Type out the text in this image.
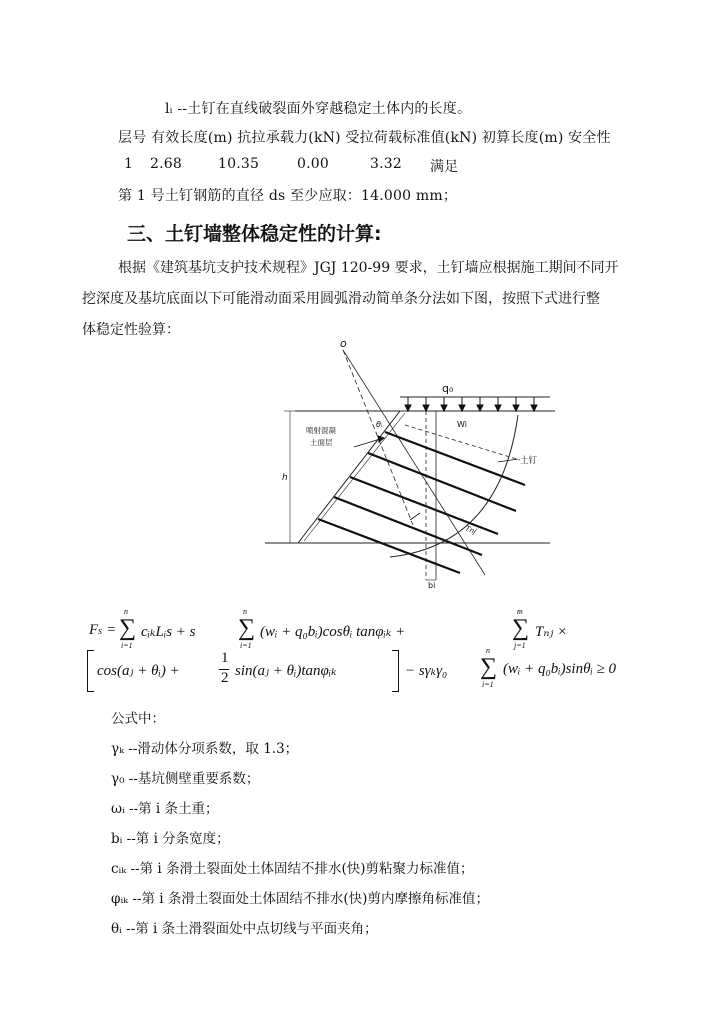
lᵢ --土钉在直线破裂面外穿越稳定土体内的长度。
层号 有效长度(m) 抗拉承载力(kN) 受拉荷载标准值(kN) 初算长度(m) 安全性
1 2.68	10.35	0.00	3.32 满足
第 1 号土钉钢筋的直径 ds 至少应取：14.000 mm；
三、土钉墙整体稳定性的计算:

根据《建筑基坑支护技术规程》JGJ 120-99 要求，土钉墙应根据施工期间不同开

挖深度及基坑底面以下可能滑动面采用圆弧滑动简单条分法如下图，按照下式进行整

体稳定性验算：

q₀
o
喷射混凝
土面层
土钉
Wi
h
θᵢ
Tnj
bi
Fs =
n
∑
i=1
cᵢₖLᵢs + s
n
∑
i=1
(wᵢ + q₀bᵢ)cosθᵢ tanφᵢₖ +
m
∑
j=1
Tₙⱼ ×
cos(aⱼ + θᵢ) +
1
2 sin(aⱼ + θᵢ)tanφᵢₖ	− sγₖγ₀
n
∑
i=1
(wᵢ + q₀bᵢ)sinθᵢ ≥ 0
公式中：
γₖ --滑动体分项系数，取 1.3；
γ₀ --基坑侧壁重要系数；
ωᵢ --第 i 条土重；
bᵢ --第 i 分条宽度；
cᵢₖ --第 i 条滑土裂面处土体固结不排水(快)剪粘聚力标准值；
φᵢₖ --第 i 条滑土裂面处土体固结不排水(快)剪内摩擦角标准值；
θᵢ --第 i 条土滑裂面处中点切线与平面夹角；
